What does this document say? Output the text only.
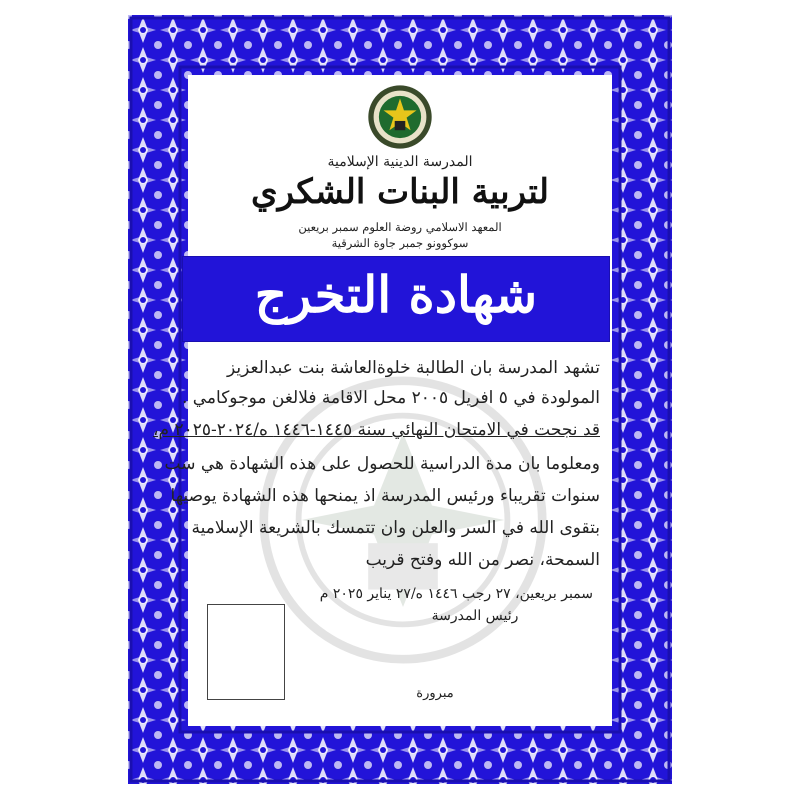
المدرسة الدينية الإسلامية
لتربية البنات الشكري
المعهد الاسلامي روضة العلوم سمبر بريعين
سوكوونو جمبر جاوة الشرقية
شهادة التخرج
تشهد المدرسة بان الطالبة خلوةالعاشة بنت عبدالعزيز
المولودة في ٥ افريل ٢٠٠٥ محل الاقامة فلالغن موجوكامي .
قد نجحت في الامتحان النهائي سنة ١٤٤٥-١٤٤٦ ه/٢٠٢٤-٢٠٢٥ م،
ومعلوما بان مدة الدراسية للحصول على هذه الشهادة هي ست
سنوات تقريباء ورئيس المدرسة اذ يمنحها هذه الشهادة يوصيها
بتقوى الله في السر والعلن وان تتمسك بالشريعة الإسلامية
السمحة، نصر من الله وفتح قريب
سمبر بريعين، ٢٧ رجب ١٤٤٦ ه/٢٧ يناير ٢٠٢٥ م
رئيس المدرسة
مبرورة
